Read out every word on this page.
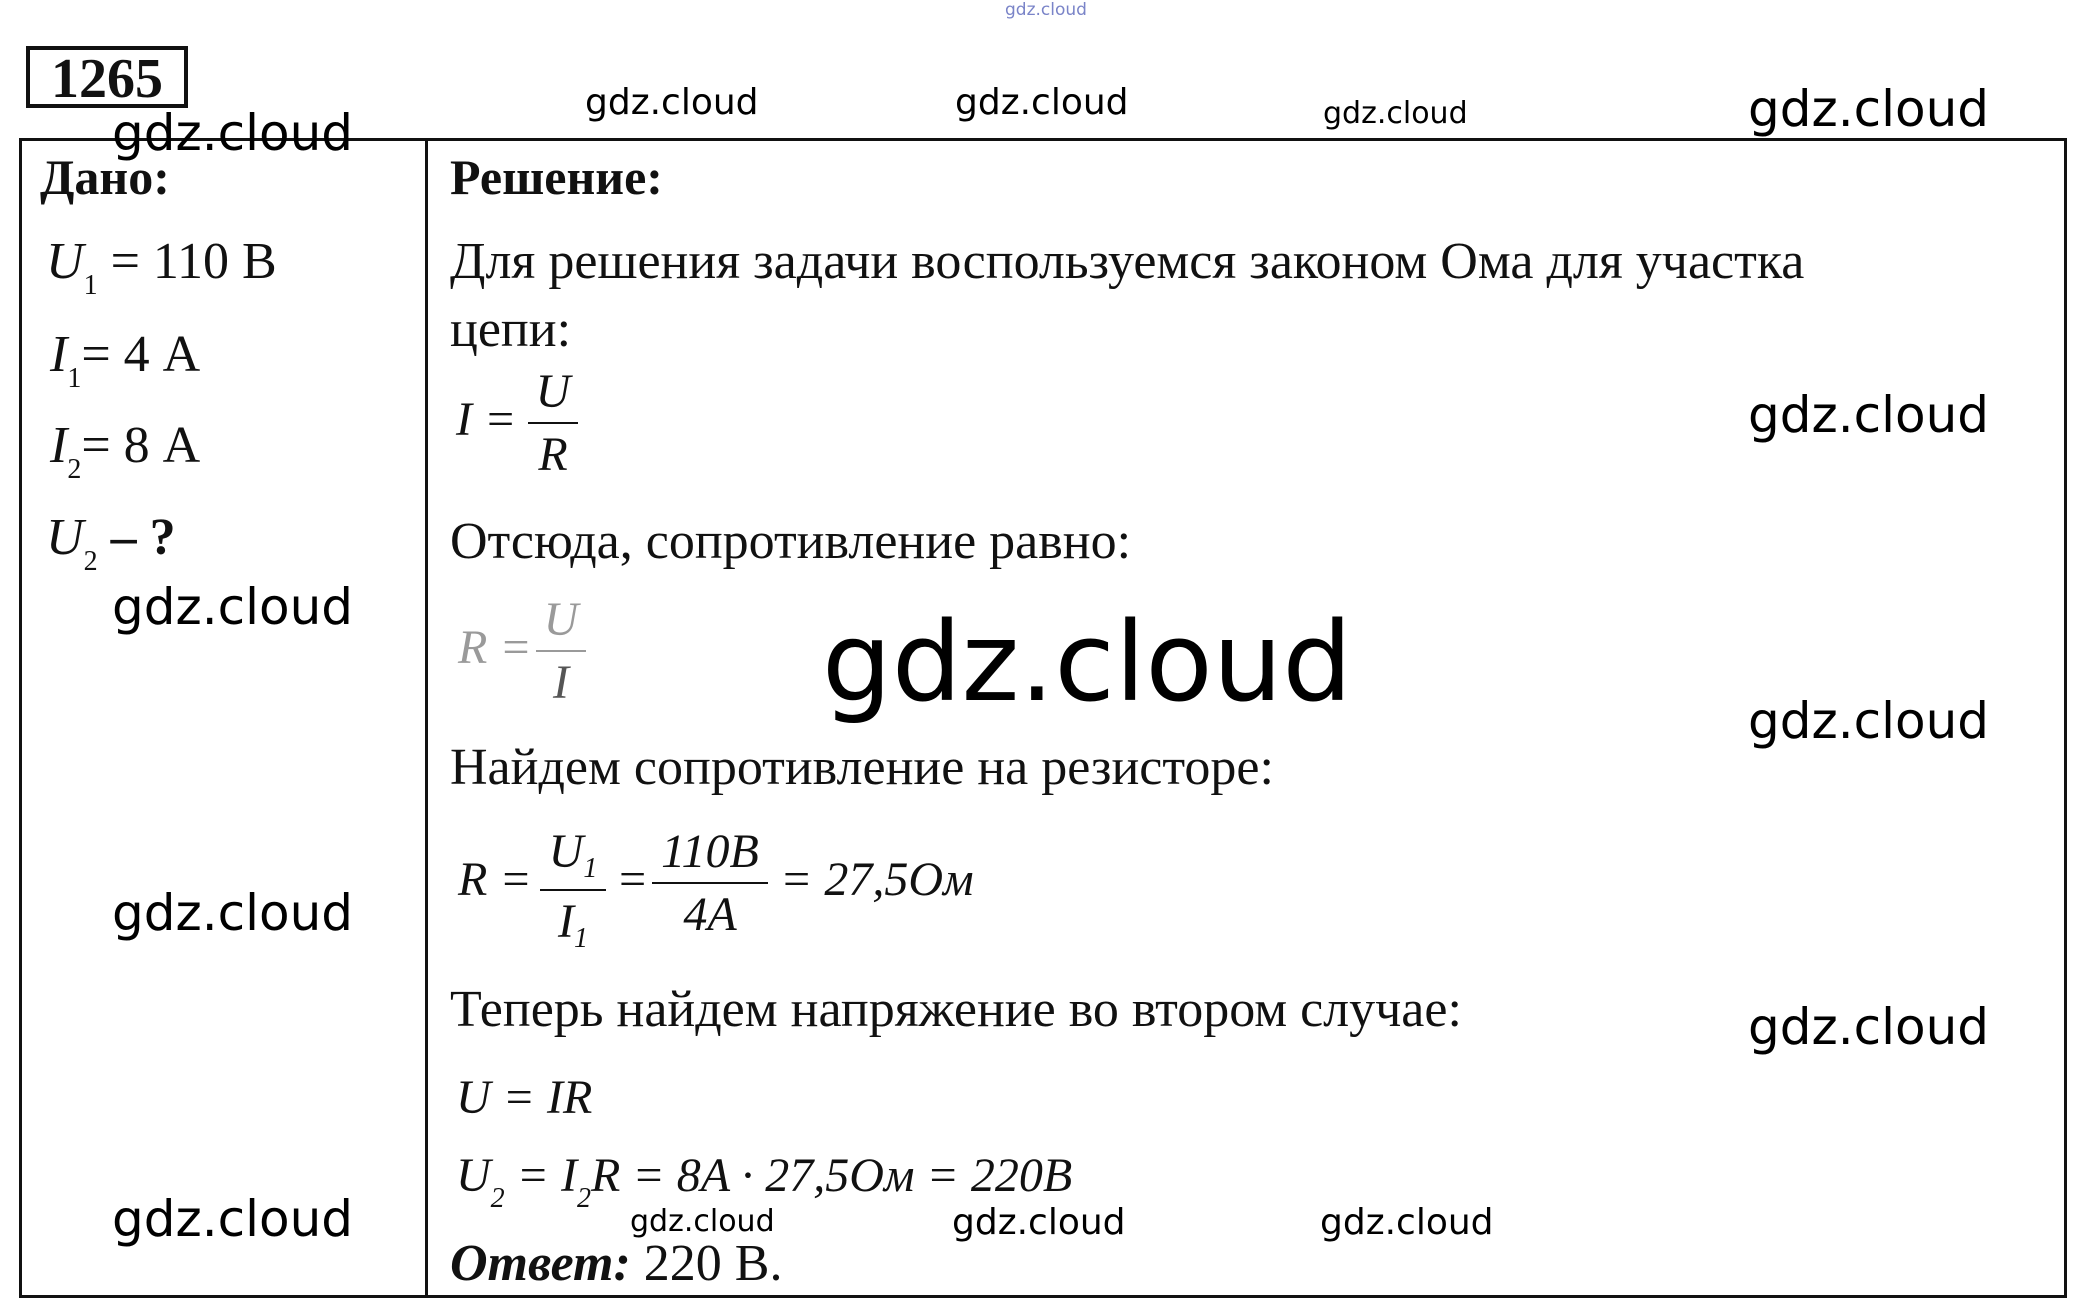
gdz.cloud
1265
Дано:
$U_1 = 110$ В
$I_1= 4$ А
$I_2= 8$ А
$U_2$ – ?
Решение:
Для решения задачи воспользуемся законом Ома для участка
цепи:
$I = \frac{U}{R}$
Отсюда, сопротивление равно:
$R = \frac{U}{I}$
Найдем сопротивление на резисторе:
$R = \frac{U_1}{I_1} = \frac{110B}{4A} = 27,5Ом$
Теперь найдем напряжение во втором случае:
U = IR
$U_2 = I_2R = 8A \cdot 27,5Ом = 220B$
Ответ: 220 В.
gdz.cloud	gdz.cloud	gdz.cloud	gdz.cloud
gdz.cloud
gdz.cloud
gdz.cloud	gdz.cloud	gdz.cloud
gdz.cloud
gdz.cloud
gdz.cloud	gdz.cloud	gdz.cloud	gdz.cloud
